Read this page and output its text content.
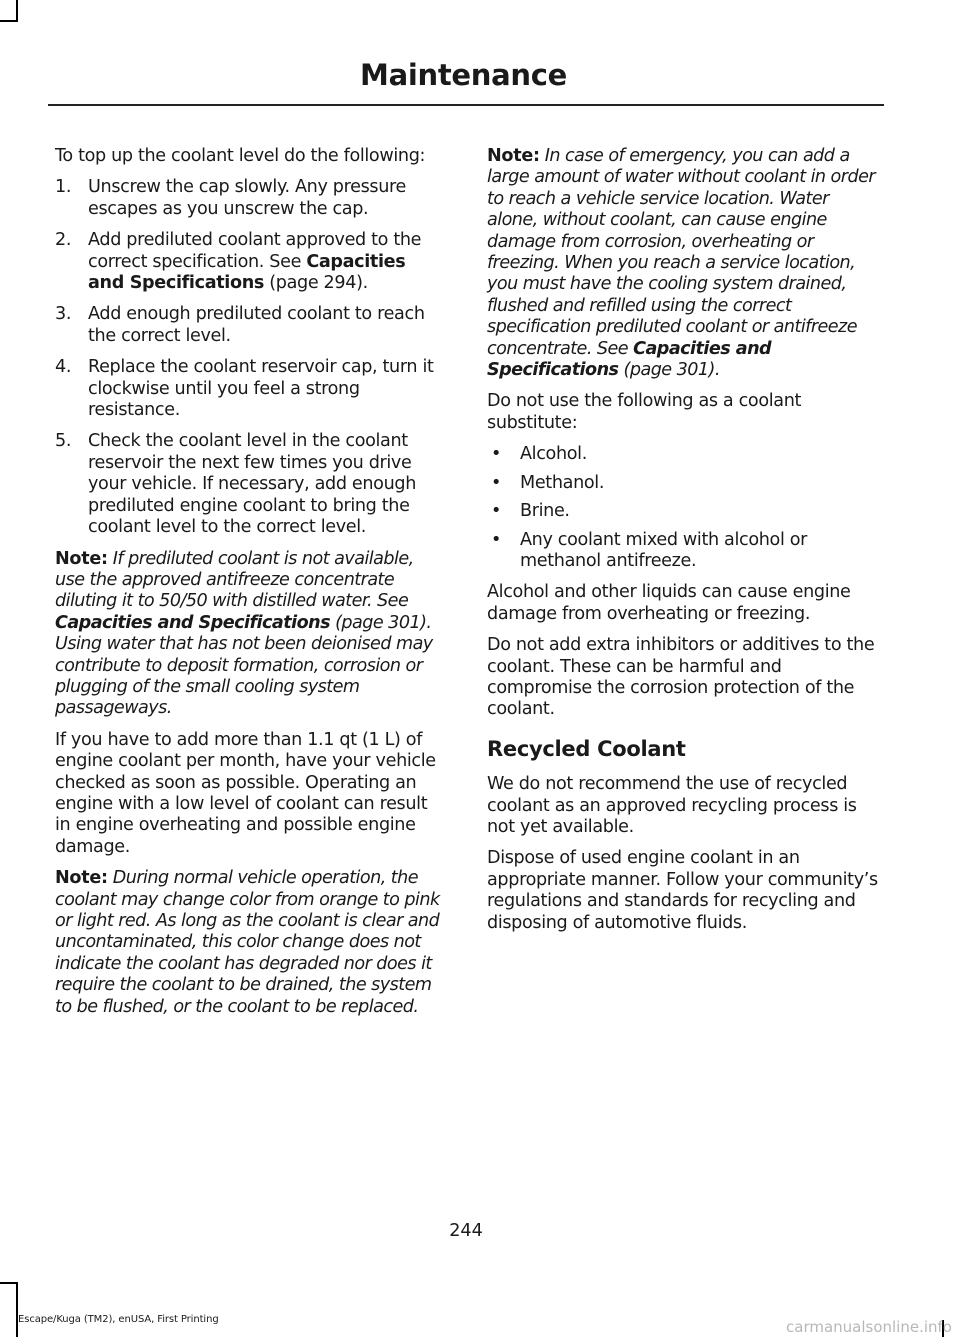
Maintenance

To top up the coolant level do the following:

1. Unscrew the cap slowly. Any pressure escapes as you unscrew the cap.
2. Add prediluted coolant approved to the correct specification. See Capacities and Specifications (page 294).
3. Add enough prediluted coolant to reach the correct level.
4. Replace the coolant reservoir cap, turn it clockwise until you feel a strong resistance.
5. Check the coolant level in the coolant reservoir the next few times you drive your vehicle. If necessary, add enough prediluted engine coolant to bring the coolant level to the correct level.

Note: If prediluted coolant is not available, use the approved antifreeze concentrate diluting it to 50/50 with distilled water. See Capacities and Specifications (page 301). Using water that has not been deionised may contribute to deposit formation, corrosion or plugging of the small cooling system passageways.

If you have to add more than 1.1 qt (1 L) of engine coolant per month, have your vehicle checked as soon as possible. Operating an engine with a low level of coolant can result in engine overheating and possible engine damage.

Note: During normal vehicle operation, the coolant may change color from orange to pink or light red. As long as the coolant is clear and uncontaminated, this color change does not indicate the coolant has degraded nor does it require the coolant to be drained, the system to be flushed, or the coolant to be replaced.

Note: In case of emergency, you can add a large amount of water without coolant in order to reach a vehicle service location. Water alone, without coolant, can cause engine damage from corrosion, overheating or freezing. When you reach a service location, you must have the cooling system drained, flushed and refilled using the correct specification prediluted coolant or antifreeze concentrate. See Capacities and Specifications (page 301).

Do not use the following as a coolant substitute:

• Alcohol.
• Methanol.
• Brine.
• Any coolant mixed with alcohol or methanol antifreeze.

Alcohol and other liquids can cause engine damage from overheating or freezing.

Do not add extra inhibitors or additives to the coolant. These can be harmful and compromise the corrosion protection of the coolant.

Recycled Coolant

We do not recommend the use of recycled coolant as an approved recycling process is not yet available.

Dispose of used engine coolant in an appropriate manner. Follow your community’s regulations and standards for recycling and disposing of automotive fluids.

244
Escape/Kuga (TM2), enUSA, First Printing	carmanualsonline.info
